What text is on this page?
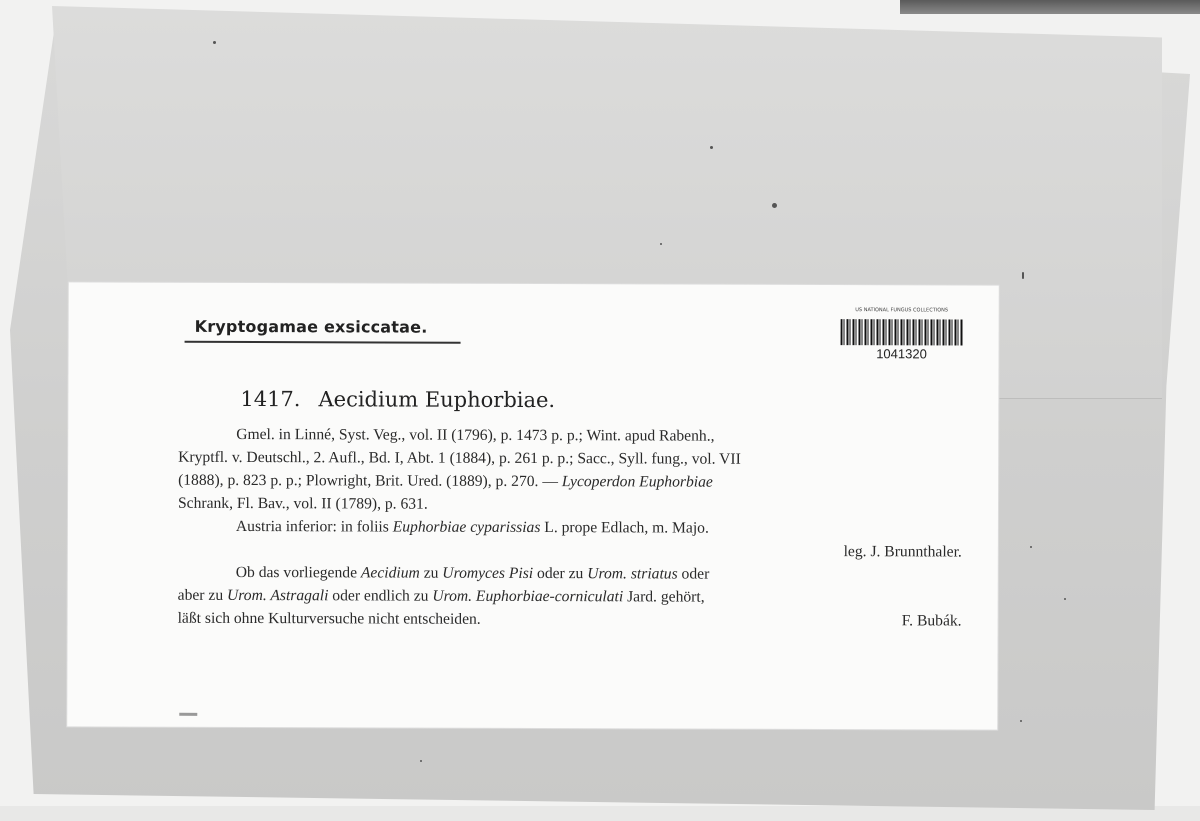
Kryptogamae exsiccatae.
US NATIONAL FUNGUS COLLECTIONS
1041320
1417. Aecidium Euphorbiae.
Gmel. in Linné, Syst. Veg., vol. II (1796), p. 1473 p. p.; Wint. apud Rabenh.,
Kryptfl. v. Deutschl., 2. Aufl., Bd. I, Abt. 1 (1884), p. 261 p. p.; Sacc., Syll. fung., vol. VII
(1888), p. 823 p. p.; Plowright, Brit. Ured. (1889), p. 270. — Lycoperdon Euphorbiae
Schrank, Fl. Bav., vol. II (1789), p. 631.
Austria inferior: in foliis Euphorbiae cyparissias L. prope Edlach, m. Majo.
leg. J. Brunnthaler.
Ob das vorliegende Aecidium zu Uromyces Pisi oder zu Urom. striatus oder
aber zu Urom. Astragali oder endlich zu Urom. Euphorbiae-corniculati Jard. gehört,
läßt sich ohne Kulturversuche nicht entscheiden.	F. Bubák.
